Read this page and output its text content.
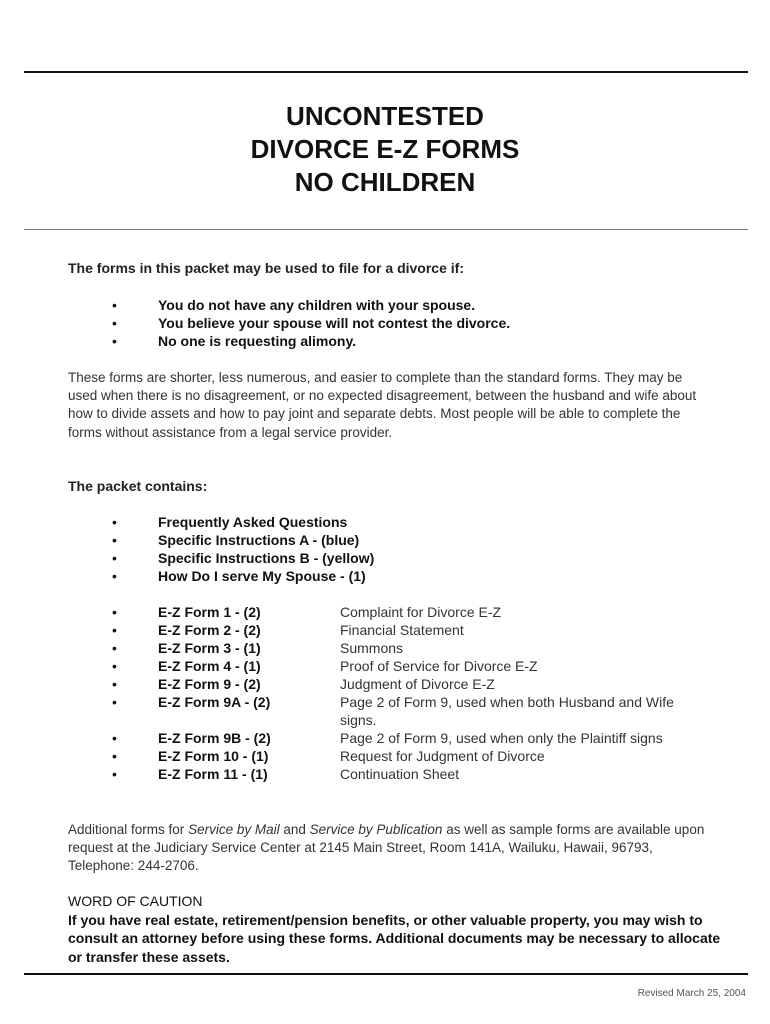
UNCONTESTED
DIVORCE E-Z FORMS
NO CHILDREN
The forms in this packet may be used to file for a divorce if:
•	You do not have any children with your spouse.
•	You believe your spouse will not contest the divorce.
•	No one is requesting alimony.

These forms are shorter, less numerous, and easier to complete than the standard forms. They may be used when there is no disagreement, or no expected disagreement, between the husband and wife about how to divide assets and how to pay joint and separate debts. Most people will be able to complete the forms without assistance from a legal service provider.

The packet contains:
•	Frequently Asked Questions
•	Specific Instructions A - (blue)
•	Specific Instructions B - (yellow)
•	How Do I serve My Spouse - (1)
•	E-Z Form 1 - (2)	Complaint for Divorce E-Z
•	E-Z Form 2 - (2)	Financial Statement
•	E-Z Form 3 - (1)	Summons
•	E-Z Form 4 - (1)	Proof of Service for Divorce E-Z
•	E-Z Form 9 - (2)	Judgment of Divorce E-Z
•	E-Z Form 9A - (2)	Page 2 of Form 9, used when both Husband and Wife signs.
•	E-Z Form 9B - (2)	Page 2 of Form 9, used when only the Plaintiff signs
•	E-Z Form 10 - (1)	Request for Judgment of Divorce
•	E-Z Form 11 - (1)	Continuation Sheet

Additional forms for Service by Mail and Service by Publication as well as sample forms are available upon request at the Judiciary Service Center at 2145 Main Street, Room 141A, Wailuku, Hawaii, 96793, Telephone: 244-2706.

WORD OF CAUTION

If you have real estate, retirement/pension benefits, or other valuable property, you may wish to consult an attorney before using these forms. Additional documents may be necessary to allocate or transfer these assets.

Revised March 25, 2004
